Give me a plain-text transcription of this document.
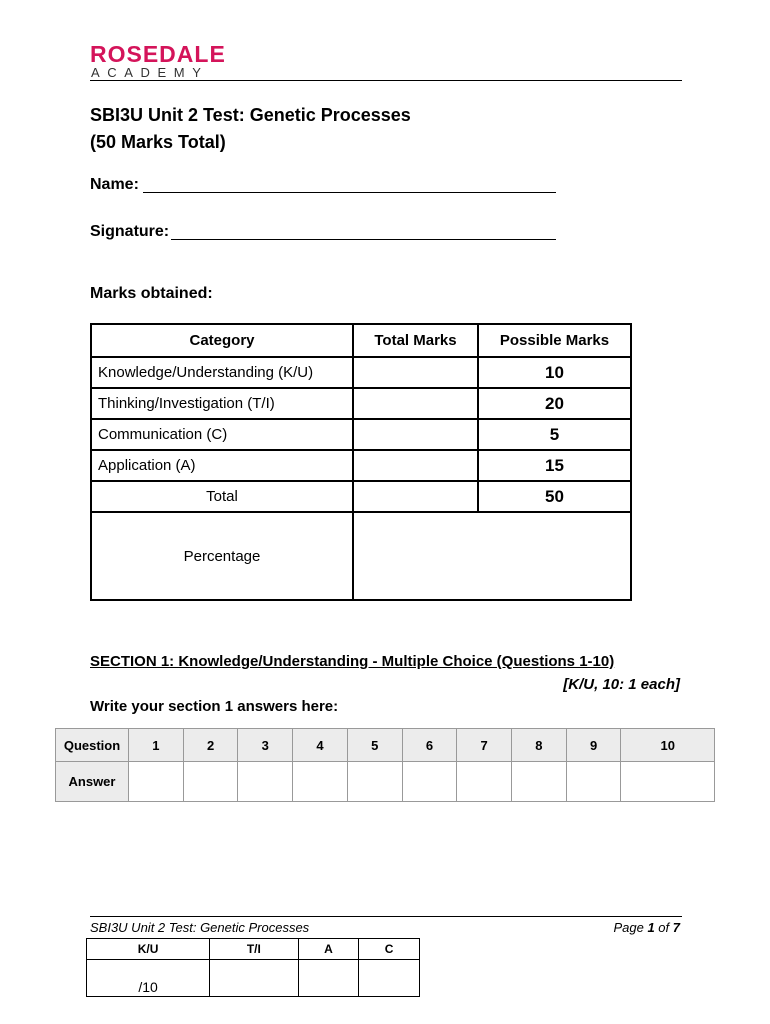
ROSEDALE
ACADEMY
SBI3U Unit 2 Test: Genetic Processes
(50 Marks Total)
Name:
Signature:
Marks obtained:
Category	Total Marks	Possible Marks
Knowledge/Understanding (K/U)		10
Thinking/Investigation (T/I)		20
Communication (C)		5
Application (A)		15
Total		50
Percentage		
SECTION 1: Knowledge/Understanding - Multiple Choice (Questions 1-10)
[K/U, 10: 1 each]
Write your section 1 answers here:
Question	1	2	3	4	5	6	7	8	9	10
Answer										
SBI3U Unit 2 Test: Genetic Processes	Page 1 of 7
K/U	T/I	A	C
/10			
